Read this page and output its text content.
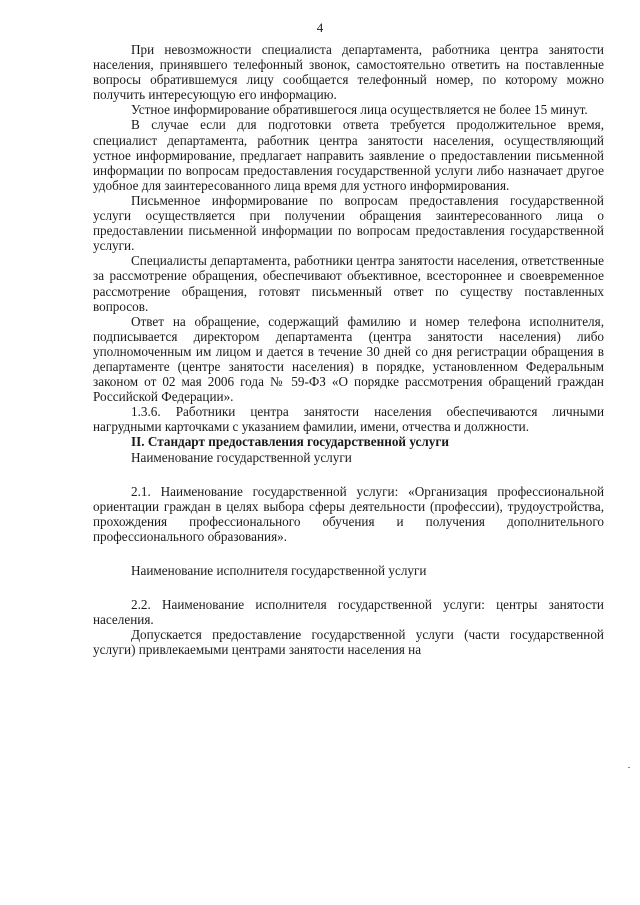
4

При невозможности специалиста департамента, работника центра занятости населения, принявшего телефонный звонок, самостоятельно ответить на поставленные вопросы обратившемуся лицу сообщается телефонный номер, по которому можно получить интересующую его информацию.

Устное информирование обратившегося лица осуществляется не более 15 минут.

В случае если для подготовки ответа требуется продолжительное время, специалист департамента, работник центра занятости населения, осуществляющий устное информирование, предлагает направить заявление о предоставлении письменной информации по вопросам предоставления государственной услуги либо назначает другое удобное для заинтересованного лица время для устного информирования.

Письменное информирование по вопросам предоставления государственной услуги осуществляется при получении обращения заинтересованного лица о предоставлении письменной информации по вопросам предоставления государственной услуги.

Специалисты департамента, работники центра занятости населения, ответственные за рассмотрение обращения, обеспечивают объективное, всестороннее и своевременное рассмотрение обращения, готовят письменный ответ по существу поставленных вопросов.

Ответ на обращение, содержащий фамилию и номер телефона исполнителя, подписывается директором департамента (центра занятости населения) либо уполномоченным им лицом и дается в течение 30 дней со дня регистрации обращения в департаменте (центре занятости населения) в порядке, установленном Федеральным законом от 02 мая 2006 года № 59-ФЗ «О порядке рассмотрения обращений граждан Российской Федерации».

1.3.6. Работники центра занятости населения обеспечиваются личными нагрудными карточками с указанием фамилии, имени, отчества и должности.

II. Стандарт предоставления государственной услуги

Наименование государственной услуги

2.1. Наименование государственной услуги: «Организация профессиональной ориентации граждан в целях выбора сферы деятельности (профессии), трудоустройства, прохождения профессионального обучения и получения дополнительного профессионального образования».

Наименование исполнителя государственной услуги

2.2. Наименование исполнителя государственной услуги: центры занятости населения.

Допускается предоставление государственной услуги (части государственной услуги) привлекаемыми центрами занятости населения на
